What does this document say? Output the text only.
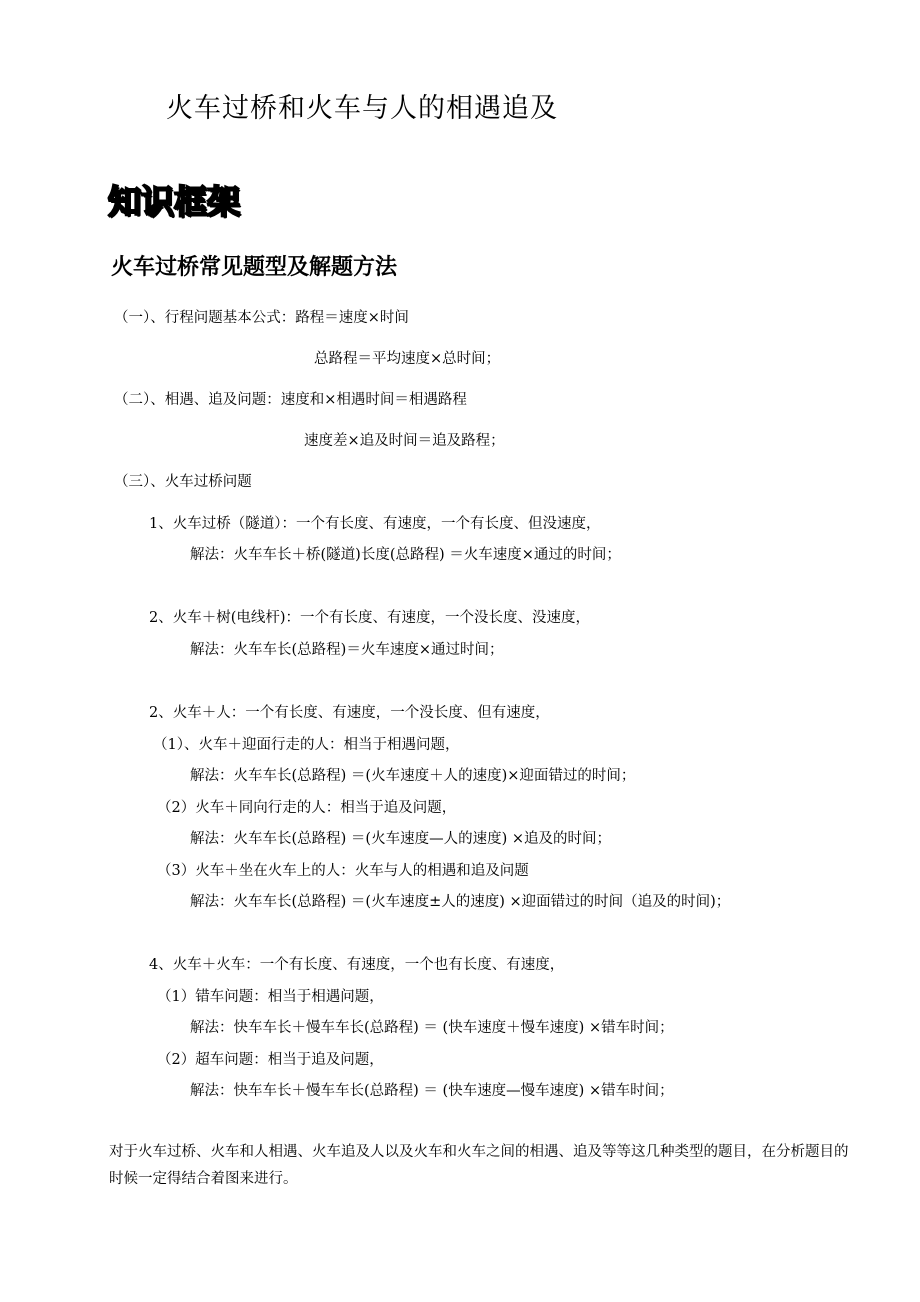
火车过桥和火车与人的相遇追及
知识框架
火车过桥常见题型及解题方法
（一）、行程问题基本公式：路程＝速度×时间
总路程＝平均速度×总时间；
（二）、相遇、追及问题：速度和×相遇时间＝相遇路程
速度差×追及时间＝追及路程；
（三）、火车过桥问题
1、火车过桥（隧道）：一个有长度、有速度，一个有长度、但没速度，
解法：火车车长＋桥(隧道)长度(总路程) ＝火车速度×通过的时间；
2、火车＋树(电线杆)：一个有长度、有速度，一个没长度、没速度，
解法：火车车长(总路程)＝火车速度×通过时间；
2、火车＋人：一个有长度、有速度，一个没长度、但有速度，
（1）、火车＋迎面行走的人：相当于相遇问题，
解法：火车车长(总路程) ＝(火车速度＋人的速度)×迎面错过的时间；
（2）火车＋同向行走的人：相当于追及问题，
解法：火车车长(总路程) ＝(火车速度—人的速度) ×追及的时间；
（3）火车＋坐在火车上的人：火车与人的相遇和追及问题
解法：火车车长(总路程) ＝(火车速度±人的速度) ×迎面错过的时间（追及的时间)；
4、火车＋火车：一个有长度、有速度，一个也有长度、有速度，
（1）错车问题：相当于相遇问题，
解法：快车车长＋慢车车长(总路程) ＝ (快车速度＋慢车速度) ×错车时间；
（2）超车问题：相当于追及问题，
解法：快车车长＋慢车车长(总路程) ＝ (快车速度—慢车速度) ×错车时间；
对于火车过桥、火车和人相遇、火车追及人以及火车和火车之间的相遇、追及等等这几种类型的题目，在分析题目的时候一定得结合着图来进行。
